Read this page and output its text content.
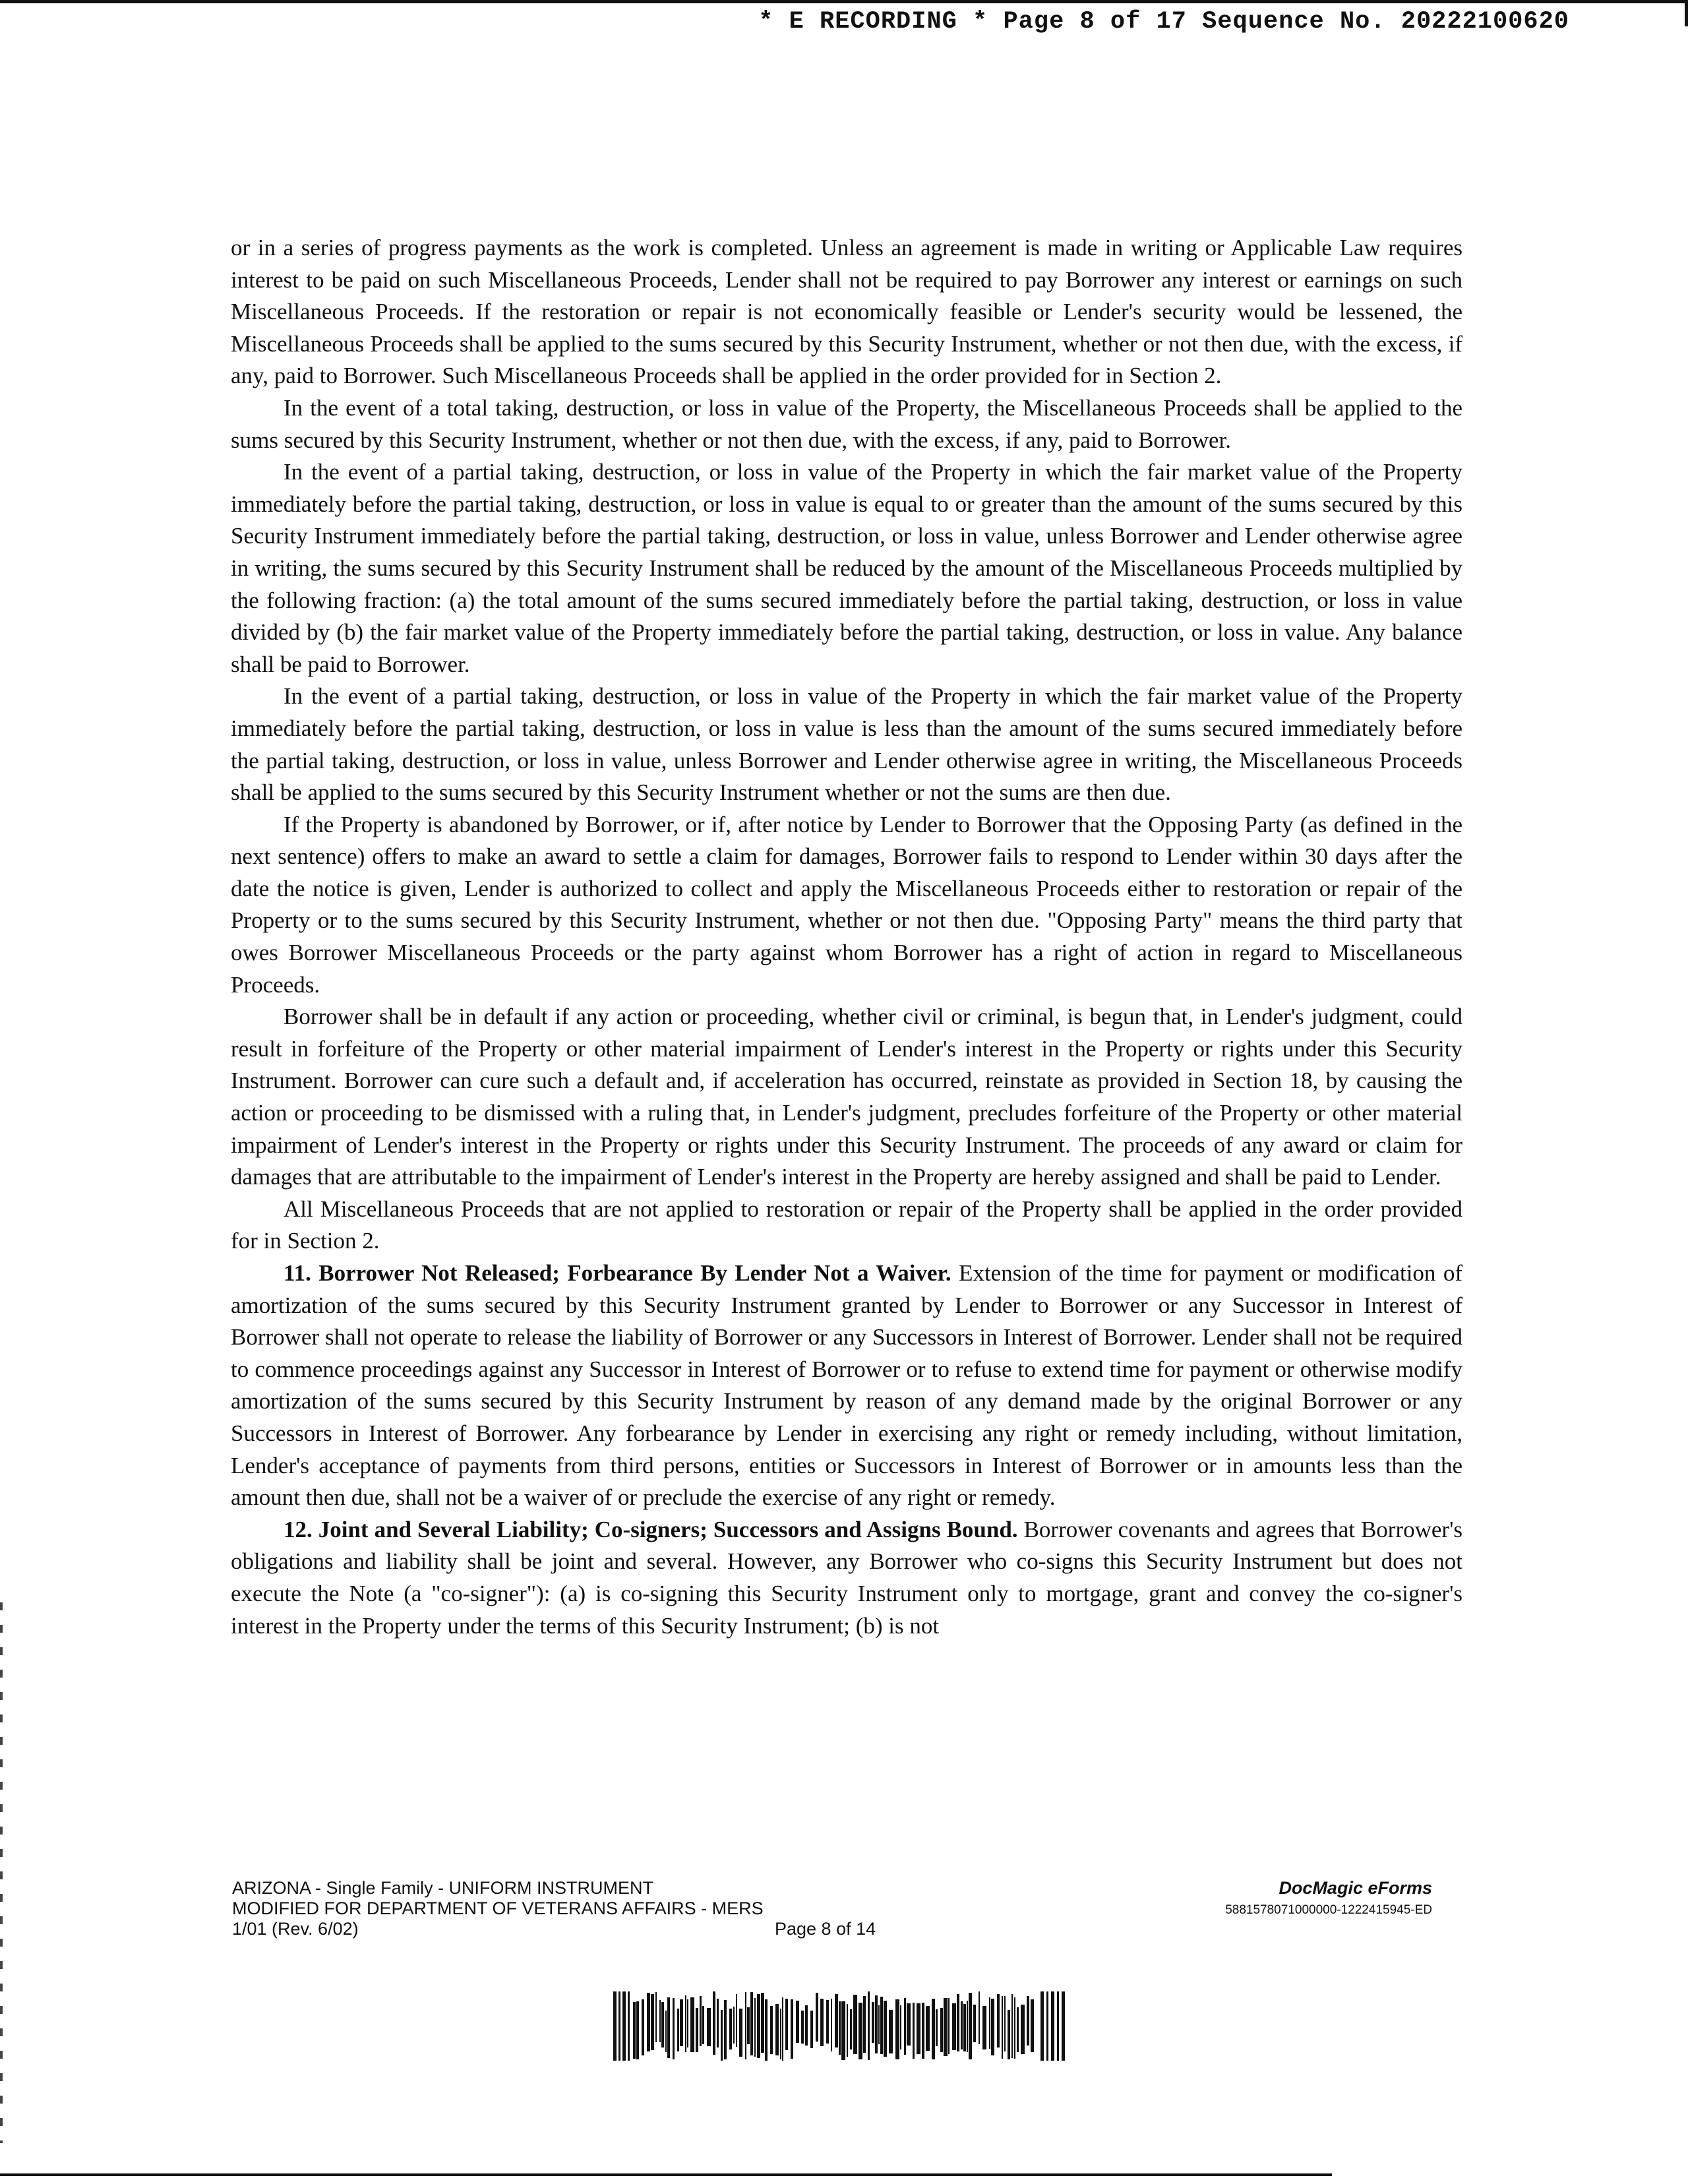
* E RECORDING * Page 8 of 17 Sequence No. 20222100620

or in a series of progress payments as the work is completed. Unless an agreement is made in writing or Applicable Law requires interest to be paid on such Miscellaneous Proceeds, Lender shall not be required to pay Borrower any interest or earnings on such Miscellaneous Proceeds. If the restoration or repair is not economically feasible or Lender's security would be lessened, the Miscellaneous Proceeds shall be applied to the sums secured by this Security Instrument, whether or not then due, with the excess, if any, paid to Borrower. Such Miscellaneous Proceeds shall be applied in the order provided for in Section 2.

In the event of a total taking, destruction, or loss in value of the Property, the Miscellaneous Proceeds shall be applied to the sums secured by this Security Instrument, whether or not then due, with the excess, if any, paid to Borrower.

In the event of a partial taking, destruction, or loss in value of the Property in which the fair market value of the Property immediately before the partial taking, destruction, or loss in value is equal to or greater than the amount of the sums secured by this Security Instrument immediately before the partial taking, destruction, or loss in value, unless Borrower and Lender otherwise agree in writing, the sums secured by this Security Instrument shall be reduced by the amount of the Miscellaneous Proceeds multiplied by the following fraction: (a) the total amount of the sums secured immediately before the partial taking, destruction, or loss in value divided by (b) the fair market value of the Property immediately before the partial taking, destruction, or loss in value. Any balance shall be paid to Borrower.

In the event of a partial taking, destruction, or loss in value of the Property in which the fair market value of the Property immediately before the partial taking, destruction, or loss in value is less than the amount of the sums secured immediately before the partial taking, destruction, or loss in value, unless Borrower and Lender otherwise agree in writing, the Miscellaneous Proceeds shall be applied to the sums secured by this Security Instrument whether or not the sums are then due.

If the Property is abandoned by Borrower, or if, after notice by Lender to Borrower that the Opposing Party (as defined in the next sentence) offers to make an award to settle a claim for damages, Borrower fails to respond to Lender within 30 days after the date the notice is given, Lender is authorized to collect and apply the Miscellaneous Proceeds either to restoration or repair of the Property or to the sums secured by this Security Instrument, whether or not then due. "Opposing Party" means the third party that owes Borrower Miscellaneous Proceeds or the party against whom Borrower has a right of action in regard to Miscellaneous Proceeds.

Borrower shall be in default if any action or proceeding, whether civil or criminal, is begun that, in Lender's judgment, could result in forfeiture of the Property or other material impairment of Lender's interest in the Property or rights under this Security Instrument. Borrower can cure such a default and, if acceleration has occurred, reinstate as provided in Section 18, by causing the action or proceeding to be dismissed with a ruling that, in Lender's judgment, precludes forfeiture of the Property or other material impairment of Lender's interest in the Property or rights under this Security Instrument. The proceeds of any award or claim for damages that are attributable to the impairment of Lender's interest in the Property are hereby assigned and shall be paid to Lender.

All Miscellaneous Proceeds that are not applied to restoration or repair of the Property shall be applied in the order provided for in Section 2.

11. Borrower Not Released; Forbearance By Lender Not a Waiver. Extension of the time for payment or modification of amortization of the sums secured by this Security Instrument granted by Lender to Borrower or any Successor in Interest of Borrower shall not operate to release the liability of Borrower or any Successors in Interest of Borrower. Lender shall not be required to commence proceedings against any Successor in Interest of Borrower or to refuse to extend time for payment or otherwise modify amortization of the sums secured by this Security Instrument by reason of any demand made by the original Borrower or any Successors in Interest of Borrower. Any forbearance by Lender in exercising any right or remedy including, without limitation, Lender's acceptance of payments from third persons, entities or Successors in Interest of Borrower or in amounts less than the amount then due, shall not be a waiver of or preclude the exercise of any right or remedy.

12. Joint and Several Liability; Co-signers; Successors and Assigns Bound. Borrower covenants and agrees that Borrower's obligations and liability shall be joint and several. However, any Borrower who co-signs this Security Instrument but does not execute the Note (a "co-signer"): (a) is co-signing this Security Instrument only to mortgage, grant and convey the co-signer's interest in the Property under the terms of this Security Instrument; (b) is not

ARIZONA - Single Family - UNIFORM INSTRUMENT
MODIFIED FOR DEPARTMENT OF VETERANS AFFAIRS - MERS
1/01 (Rev. 6/02)	Page 8 of 14
DocMagic eForms
5881578071000000-1222415945-ED
